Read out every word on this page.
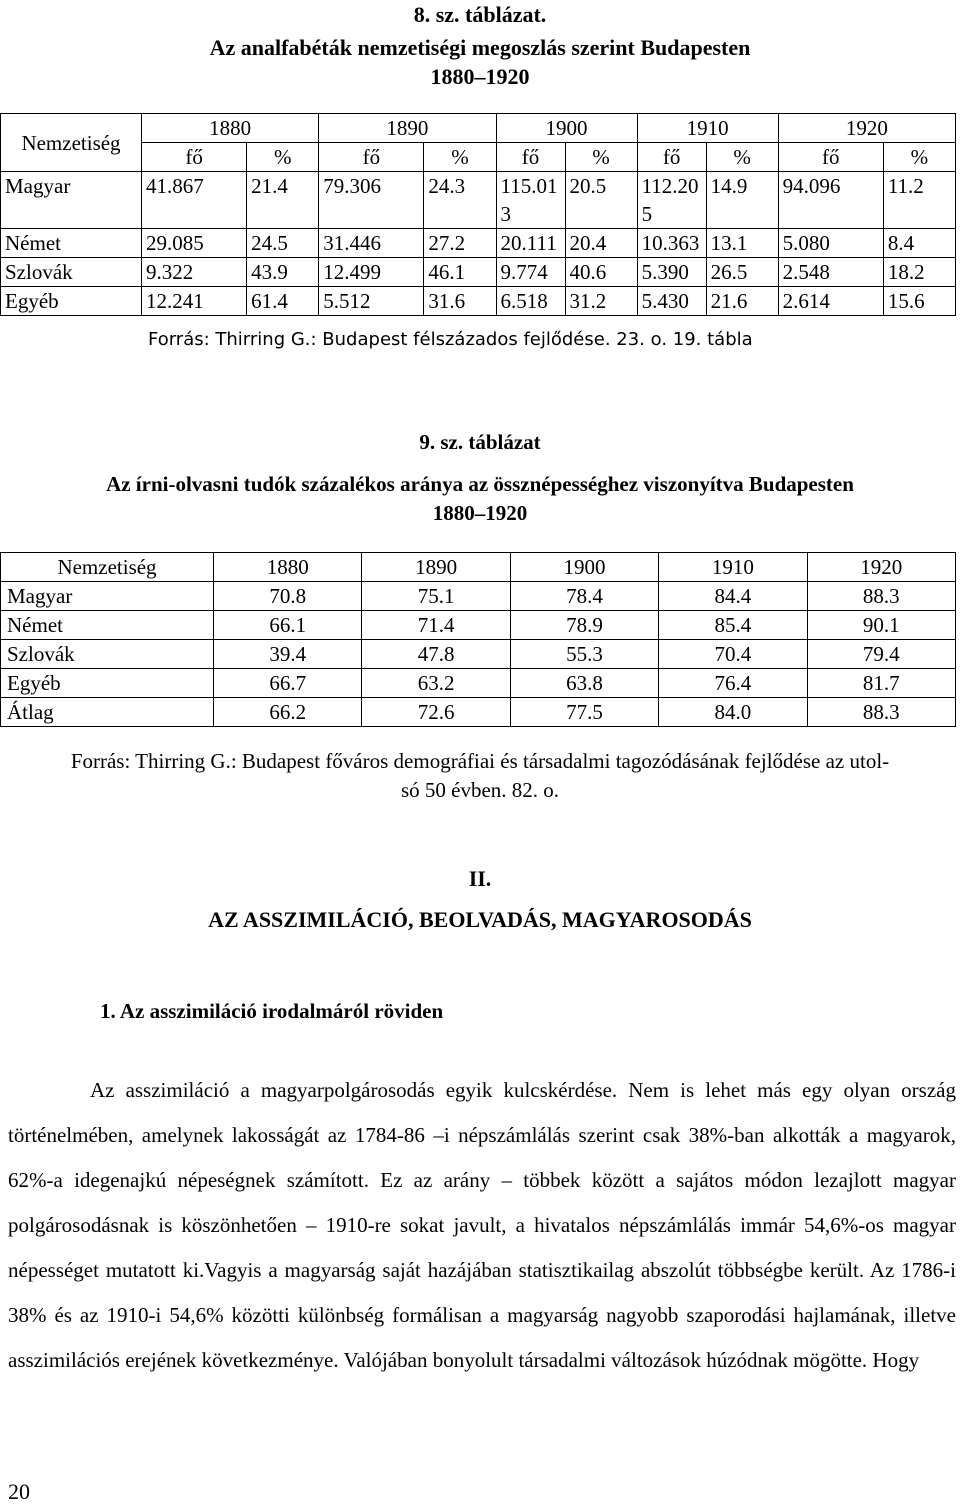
8. sz. táblázat.
Az analfabéták nemzetiségi megoszlás szerint Budapesten
1880–1920
Nemzetiség	1880		1890		1900		1910		1920	
	fő	%	fő	%	fő	%	fő	%	fő	%
Magyar	41.867	21.4	79.306	24.3	115.01 3	20.5	112.20 5	14.9	94.096	11.2
Német	29.085	24.5	31.446	27.2	20.111	20.4	10.363	13.1	5.080	8.4
Szlovák	9.322	43.9	12.499	46.1	9.774	40.6	5.390	26.5	2.548	18.2
Egyéb	12.241	61.4	5.512	31.6	6.518	31.2	5.430	21.6	2.614	15.6
Forrás: Thirring G.: Budapest félszázados fejlődése. 23. o. 19. tábla
9. sz. táblázat
Az írni-olvasni tudók százalékos aránya az össznépességhez viszonyítva Budapesten
1880–1920
Nemzetiség	1880	1890	1900	1910	1920
Magyar	70.8	75.1	78.4	84.4	88.3
Német	66.1	71.4	78.9	85.4	90.1
Szlovák	39.4	47.8	55.3	70.4	79.4
Egyéb	66.7	63.2	63.8	76.4	81.7
Átlag	66.2	72.6	77.5	84.0	88.3
Forrás: Thirring G.: Budapest főváros demográfiai és társadalmi tagozódásának fejlődése az utol-
só 50 évben. 82. o.
II.
AZ ASSZIMILÁCIÓ, BEOLVADÁS, MAGYAROSODÁS
1. Az asszimiláció irodalmáról röviden

Az asszimiláció a magyarpolgárosodás egyik kulcskérdése. Nem is lehet más egy olyan ország történelmében, amelynek lakosságát az 1784-86 –i népszámlálás szerint csak 38%-ban alkották a magyarok, 62%-a idegenajkú népeségnek számított. Ez az arány – többek között a sajátos módon lezajlott magyar polgárosodásnak is köszönhetően – 1910-re sokat javult, a hivatalos népszámlálás immár 54,6%-os magyar népességet mutatott ki.Vagyis a magyarság saját hazájában statisztikailag abszolút többségbe került. Az 1786-i 38% és az 1910-i 54,6% közötti különbség formálisan a magyarság nagyobb szaporodási hajlamának, illetve asszimilációs erejének következménye. Valójában bonyolult társadalmi változások húzódnak mögötte. Hogy

20
